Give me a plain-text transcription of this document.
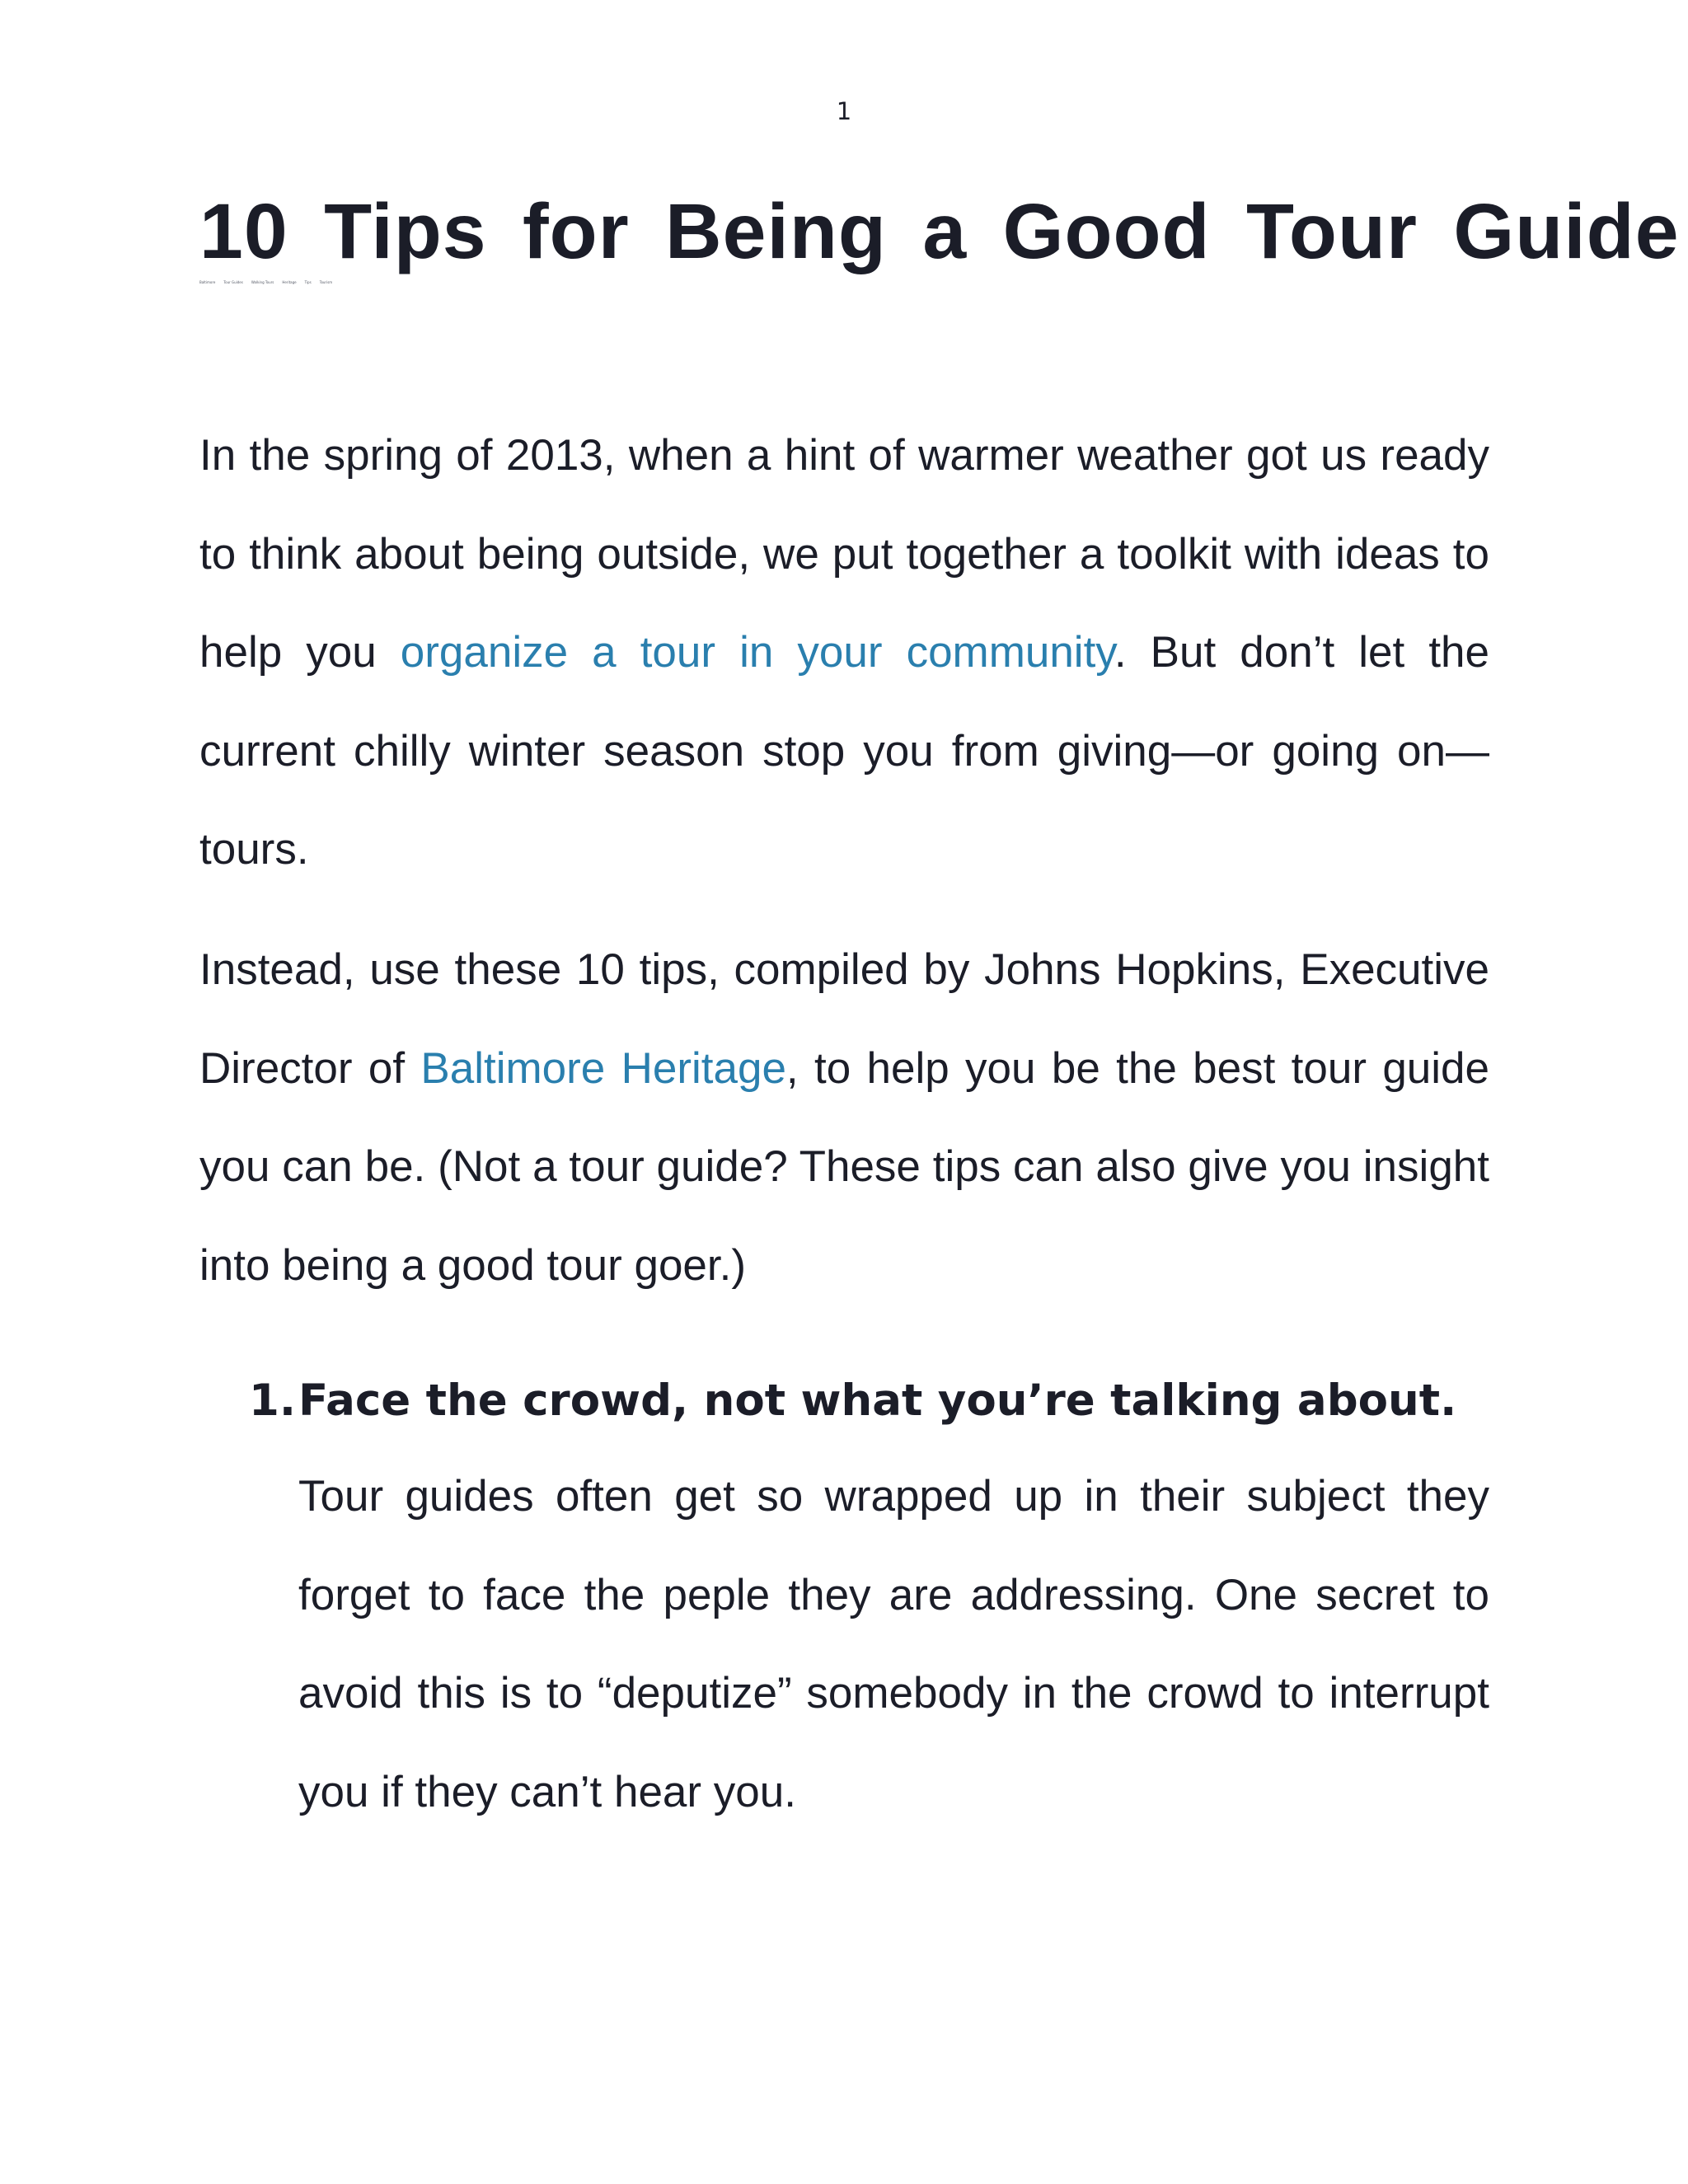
1
10 Tips for Being a Good Tour Guide
Baltimore	Tour Guides	Walking Tours	Heritage	Tips	Tourism

In the spring of 2013, when a hint of warmer weather got us ready to think about being outside, we put together a toolkit with ideas to help you organize a tour in your community. But don’t let the current chilly winter season stop you from giving—or going on—tours.

Instead, use these 10 tips, compiled by Johns Hopkins, Executive Director of Baltimore Heritage, to help you be the best tour guide you can be. (Not a tour guide? These tips can also give you insight into being a good tour goer.)

1. Face the crowd, not what you’re talking about.

Tour guides often get so wrapped up in their subject they forget to face the peple they are addressing. One secret to avoid this is to “deputize” somebody in the crowd to interrupt you if they can’t hear you.
